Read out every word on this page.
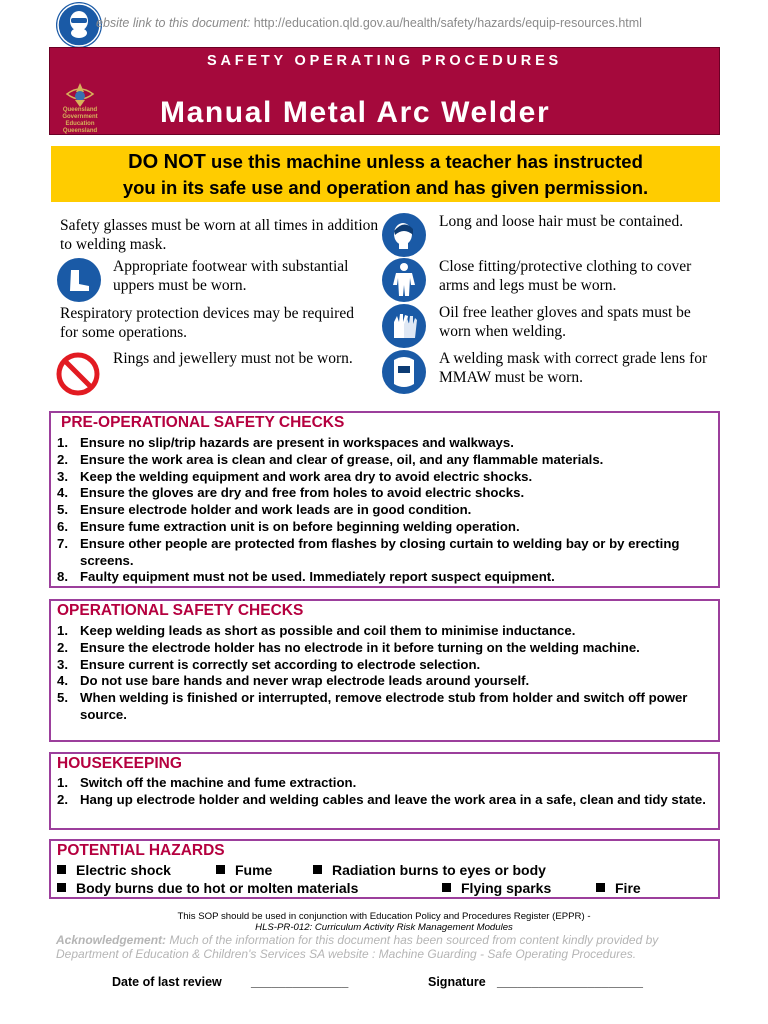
ebsite link to this document: http://education.qld.gov.au/health/safety/hazards/equip-resources.html
SAFETY OPERATING PROCEDURES
Queensland Government Education Queensland
Manual Metal Arc Welder
DO NOT use this machine unless a teacher has instructed
you in its safe use and operation and has given permission.
Safety glasses must be worn at all times in addition to welding mask.
Appropriate footwear with substantial uppers must be worn.
Respiratory protection devices may be required for some operations.
Rings and jewellery must not be worn.
Long and loose hair must be contained.
Close fitting/protective clothing to cover arms and legs must be worn.
Oil free leather gloves and spats must be worn when welding.
A welding mask with correct grade lens for MMAW must be worn.
PRE-OPERATIONAL SAFETY CHECKS
1. Ensure no slip/trip hazards are present in workspaces and walkways.
2. Ensure the work area is clean and clear of grease, oil, and any flammable materials.
3. Keep the welding equipment and work area dry to avoid electric shocks.
4. Ensure the gloves are dry and free from holes to avoid electric shocks.
5. Ensure electrode holder and work leads are in good condition.
6. Ensure fume extraction unit is on before beginning welding operation.
7. Ensure other people are protected from flashes by closing curtain to welding bay or by erecting screens.
8. Faulty equipment must not be used. Immediately report suspect equipment.
OPERATIONAL SAFETY CHECKS
1. Keep welding leads as short as possible and coil them to minimise inductance.
2. Ensure the electrode holder has no electrode in it before turning on the welding machine.
3. Ensure current is correctly set according to electrode selection.
4. Do not use bare hands and never wrap electrode leads around yourself.
5. When welding is finished or interrupted, remove electrode stub from holder and switch off power source.
HOUSEKEEPING
1. Switch off the machine and fume extraction.
2. Hang up electrode holder and welding cables and leave the work area in a safe, clean and tidy state.
POTENTIAL HAZARDS
Electric shock	Fume	Radiation burns to eyes or body
Body burns due to hot or molten materials	Flying sparks	Fire
This SOP should be used in conjunction with Education Policy and Procedures Register (EPPR) -
HLS-PR-012: Curriculum Activity Risk Management Modules
Acknowledgement: Much of the information for this document has been sourced from content kindly provided by Department of Education & Children's Services SA website : Machine Guarding - Safe Operating Procedures.
Date of last review ______________	Signature _____________________
